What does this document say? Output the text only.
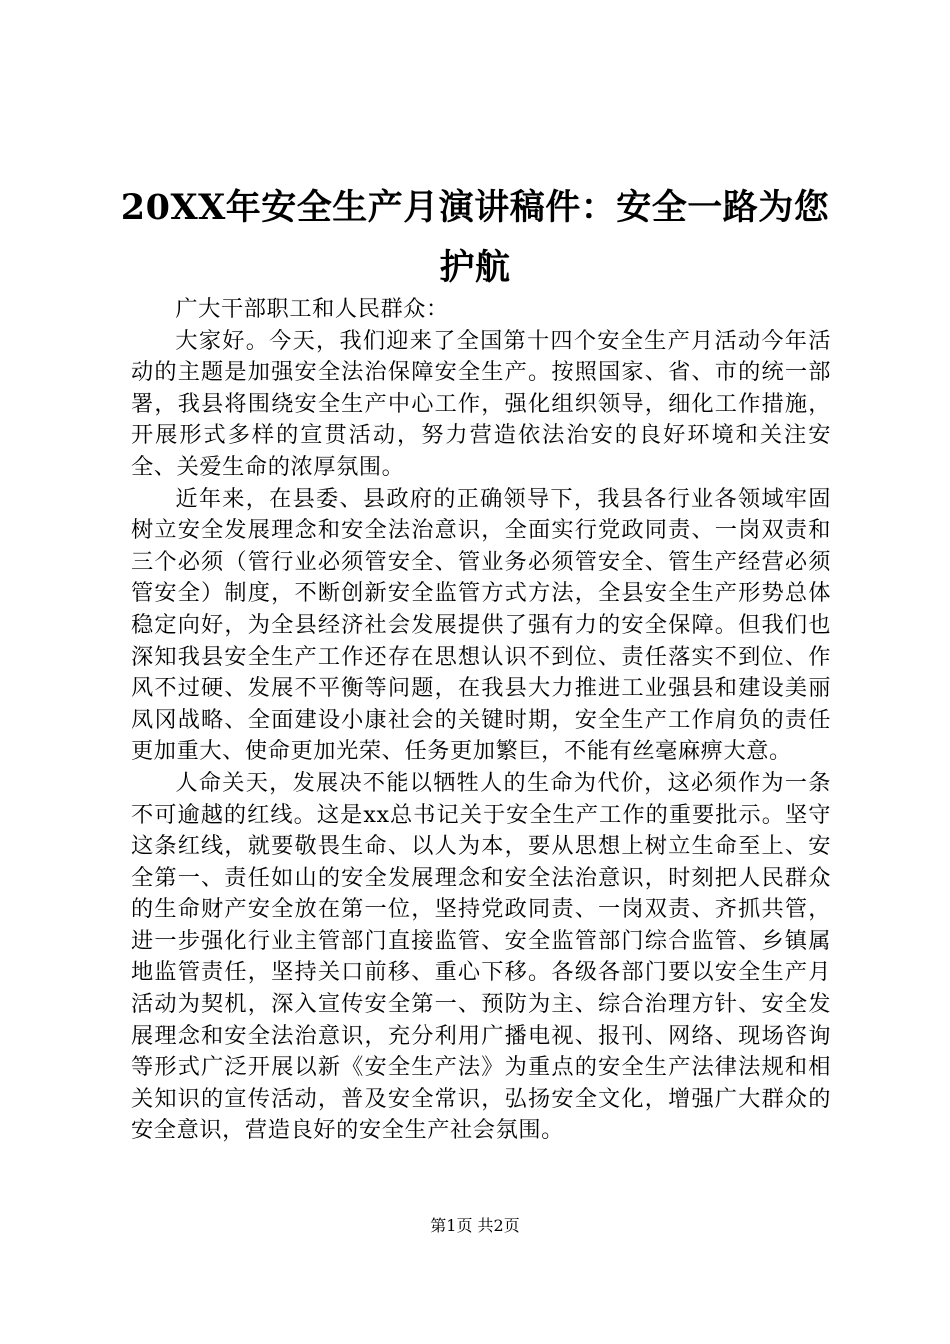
20XX年安全生产月演讲稿件：安全一路为您
护航

广大干部职工和人民群众：

大家好。今天，我们迎来了全国第十四个安全生产月活动今年活动的主题是加强安全法治保障安全生产。按照国家、省、市的统一部署，我县将围绕安全生产中心工作，强化组织领导，细化工作措施，开展形式多样的宣贯活动，努力营造依法治安的良好环境和关注安全、关爱生命的浓厚氛围。

近年来，在县委、县政府的正确领导下，我县各行业各领域牢固树立安全发展理念和安全法治意识，全面实行党政同责、一岗双责和三个必须（管行业必须管安全、管业务必须管安全、管生产经营必须管安全）制度，不断创新安全监管方式方法，全县安全生产形势总体稳定向好，为全县经济社会发展提供了强有力的安全保障。但我们也深知我县安全生产工作还存在思想认识不到位、责任落实不到位、作风不过硬、发展不平衡等问题，在我县大力推进工业强县和建设美丽凤冈战略、全面建设小康社会的关键时期，安全生产工作肩负的责任更加重大、使命更加光荣、任务更加繁巨，不能有丝毫麻痹大意。

人命关天，发展决不能以牺牲人的生命为代价，这必须作为一条不可逾越的红线。这是xx总书记关于安全生产工作的重要批示。坚守这条红线，就要敬畏生命、以人为本，要从思想上树立生命至上、安全第一、责任如山的安全发展理念和安全法治意识，时刻把人民群众的生命财产安全放在第一位，坚持党政同责、一岗双责、齐抓共管，进一步强化行业主管部门直接监管、安全监管部门综合监管、乡镇属地监管责任，坚持关口前移、重心下移。各级各部门要以安全生产月活动为契机，深入宣传安全第一、预防为主、综合治理方针、安全发展理念和安全法治意识，充分利用广播电视、报刊、网络、现场咨询等形式广泛开展以新《安全生产法》为重点的安全生产法律法规和相关知识的宣传活动，普及安全常识，弘扬安全文化，增强广大群众的安全意识，营造良好的安全生产社会氛围。

第1页 共2页
